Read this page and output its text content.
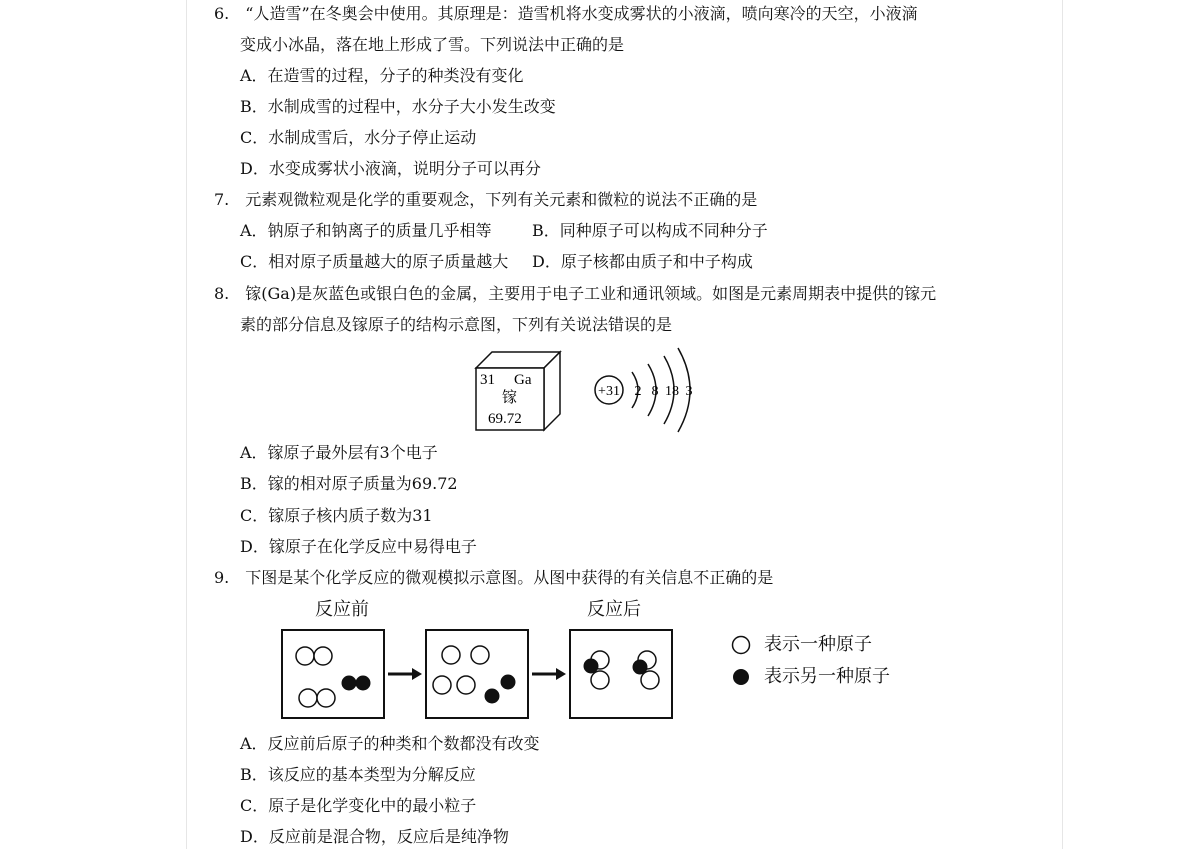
6.　“人造雪”在冬奥会中使用。其原理是：造雪机将水变成雾状的小液滴，喷向寒冷的天空，小液滴
变成小冰晶，落在地上形成了雪。下列说法中正确的是
A．在造雪的过程，分子的种类没有变化
B．水制成雪的过程中，水分子大小发生改变
C．水制成雪后，水分子停止运动
D．水变成雾状小液滴，说明分子可以再分
7.　元素观微粒观是化学的重要观念，下列有关元素和微粒的说法不正确的是
A．钠原子和钠离子的质量几乎相等	B．同种原子可以构成不同种分子
C．相对原子质量越大的原子质量越大 D．原子核都由质子和中子构成
8.　镓(Ga)是灰蓝色或银白色的金属，主要用于电子工业和通讯领域。如图是元素周期表中提供的镓元
素的部分信息及镓原子的结构示意图，下列有关说法错误的是
31 Ga
镓
69.72
+31 2 8 18 3
A．镓原子最外层有3个电子
B．镓的相对原子质量为69.72
C．镓原子核内质子数为31
D．镓原子在化学反应中易得电子
9.　下图是某个化学反应的微观模拟示意图。从图中获得的有关信息不正确的是
反应前	反应后
表示一种原子
表示另一种原子
A．反应前后原子的种类和个数都没有改变
B．该反应的基本类型为分解反应
C．原子是化学变化中的最小粒子
D．反应前是混合物，反应后是纯净物
